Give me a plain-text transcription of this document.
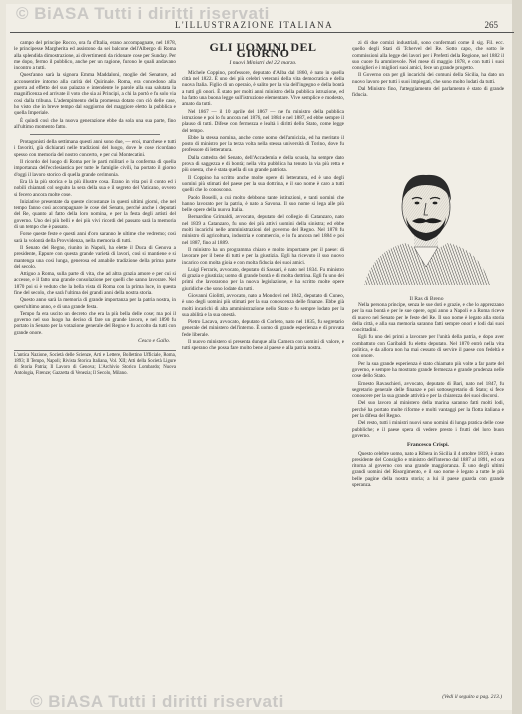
© BiASA Tutti i diritti riservati
L'ILLUSTRAZIONE ITALIANA	265

campo del principe Rocco, ora fa d'Italia, erano accompagnate, nel 1878, le principesse Margherita ed assistono da sei balcone dell'Albergo di Roma alla splendida dimostrazione, ai divertimenti da ridonare cose per Sunday. Per me dopo, fermo il pubblico, anche per un ragione, furono le quali andavano incontro a tutti.

Quest'anno sarà la signora Emma Maddaloni, moglie del Senatore, ad acconsentire intorno alla carità del Quirinale. Roma, era concedono alla guerra ad effetto del suo palazzo e intendente le parole alla sua salutata la magnificenza ed arrivate il voto che sia ai Principi, a chi la portò e fu solo via così dalla tribuna. L'adempimento della promessa dotato con ciò delle case, ho visto che in breve tempo dal soggiorno del maggiore eletto la pubblica e quella Imperiale.

È quindi così che la nuova generazione ebbe da sola una sua parte, fino all'ultimo momento fatto.

Protagonisti della settimana questi anni sono due, — eroi, marchese e tutti i favoriti, già dichiarati nelle tradizioni del luogo, dove le cose ricordano spesso con memoria del nostro concerto, e per cui Montecatini.

Il ricordo del luogo di Roma per le parti militari e la conferma di quella importanza dell'ecclesiastica per tutte le famiglie civili, ha portato il giorno d'oggi il lavoro storico di quella grande cerimonia.

Era là la più storica e la più illustre cosa. Erano in vita poi il conto ed i nobili chiamati col seguito la sera della sua e il segreto del Vaticano, ovvero si fecero ancora molte cose.

Iniziative presentate da queste circostanze in questi ultimi giorni, che nel tempo fanno così accompagnare le cose del Senato, perché anche i deputati del Re, quanto al fatto della loro nomina, e per la festa degli artisti del governo. Uno dei più belli e dei più vivi ricordi del passato sarà la memoria di un tempo che è passato.

Forse queste feste e questi anni d'oro saranno le ultime che vedremo; così sarà la volontà della Provvidenza, nella memoria di tutti.

Il Senato del Regno, riunito in Napoli, ha elette il Duca di Genova a presidente, Eppure con questa grande varietà di lavori, così si mantiene e si mantenga una così lunga, generosa ed amabile tradizione della prima parte del secolo.

Attiguo a Roma, sulla parte di vita, che ad altra grazia amore e per cui si accesse, e il fatto una grande consolazione per quelli che sanno lavorare. Nel 1870 poi si è veduto che la bella vista di Roma con la prima luce, in questa fine del secolo, che sarà l'ultima dei grandi anni della nostra storia.

Questo anno sarà la memoria di grande importanza per la patria nostra, in quest'ultimo anno, e di una grande festa.

Tempo fa era uscito un decreto che era la più bella delle cose; ma poi il governo nel suo luogo ha deciso di fare un grande lavoro, e nel 1890 fu portato in Senato per la votazione generale del Regno e fu accolto da tutti con grande onore.

Cesco e Gallo.

L'antica Nazione, Società delle Scienze, Arti e Lettere, Bollettino Ufficiale, Roma, 1893; Il Tempo, Napoli; Rivista Storica Italiana, Vol. XII; Atti della Società Ligure di Storia Patria; Il Lavoro di Genova; L'Archivio Storico Lombardo; Nuova Antologia, Firenze; Gazzetta di Venezia; Il Secolo, Milano.

GLI UOMINI DEL GIORNO
I nuovi Ministri del 22 marzo.

Michele Coppino, professore, deputato d'Alba dal 1860, è nato in quella città nel 1822. È uno dei più celebri veterani della vita democratica e della nuova Italia. Figlio di un operaio, è salito per la via dell'ingegno e della bontà a tutti gli onori. È stato per molti anni ministro della pubblica istruzione, ed ha fatto una buona legge sull'istruzione elementare. Vive semplice e modesto, amato da tutti.

Nel 1867 — il 10 aprile del 1867 — ne fu ministro della pubblica istruzione e poi lo fu ancora nel 1876, nel 1884 e nel 1887, ed ebbe sempre il plauso di tutti. Difese con fermezza e lealtà i diritti dello Stato, come legge del tempo.

Ebbe la stessa nomina, anche come uomo dell'amicizia, ed ha meritato il posto di ministro per la terza volta nella stessa università di Torino, dove fu professore di letteratura.

Dalla cattedra del Senato, dell'Accademia e della scuola, ha sempre dato prova di saggezza e di bontà; nella vita pubblica ha tenuto la via più retta e più onesta, che è stata quella di un grande patriota.

Il Coppino ha scritto anche molte opere di letteratura, ed è uno degli uomini più stimati del paese per la sua dottrina, e il suo nome è caro a tutti quelli che lo conoscono.

Paolo Boselli, a cui molto debbono tante istituzioni, e tanti uomini che hanno lavorato per la patria, è nato a Savona. Il suo nome si lega alle più belle opere della nuova Italia.

Bernardino Grimaldi, avvocato, deputato del collegio di Catanzaro, nato nel 1839 a Catanzaro, fu uno dei più attivi uomini della sinistra; ed ebbe molti incarichi nelle amministrazioni del governo del Regno. Nel 1878 fu ministro di agricoltura, industria e commercio, e lo fu ancora nel 1884 e poi nel 1887, fino al 1889.

Il ministro ha un programma chiaro e molto importante per il paese: di lavorare per il bene di tutti e per la giustizia. Egli ha ricevuto il suo nuovo incarico con molta gioia e con molta fiducia dei suoi amici.

Luigi Ferraris, avvocato, deputato di Sassari, è nato nel 1834. Fu ministro di grazia e giustizia; uomo di grande bontà e di molta dottrina. Egli fu uno dei primi che lavorarono per la nuova legislazione, e ha scritto molte opere giuridiche che sono lodate da tutti.

Giovanni Giolitti, avvocato, nato a Mondovì nel 1842, deputato di Cuneo, è uno degli uomini più stimati per la sua conoscenza delle finanze. Ebbe già molti incarichi di alta amministrazione nello Stato e fu sempre lodato per la sua abilità e la sua onestà.

Pietro Lacava, avvocato, deputato di Corleto, nato nel 1835, fu segretario generale del ministero dell'interno. È uomo di grande esperienza e di provata fede liberale.

Il nuovo ministero si presenta dunque alla Camera con uomini di valore, e tutti sperano che possa fare molto bene al paese e alla patria nostra.

zi di due comizi industriali, sono confermati come il sig. Fil. ecc. quello degli Stati di Tchervel del Re. Sotto capo, che sotto le commissioni alla legge dei lavori per i Prefetti della Regione, nel 1882 il suo cuore fu ammirevole. Nel mese di maggio 1878, e con tutti i suoi consiglieri e i migliori suoi amici, fece un grande progetto.

Il Governo ora per gli incarichi dei comuni della Sicilia, ha dato un nuovo lavoro per tutti i suoi impiegati, che sono molto lodati da tutti.

Dal Ministro fino, l'atteggiamento del parlamento è stato di grande fiducia.

Il Ras di Breno

Nella persona principe, senza le sue doti e grazie, e che lo apprezzano per la sua bontà e per le sue opere, ogni anno a Napoli e a Roma riceve di nuovo nel Senato per le feste del Re. Il suo nome è legato alla storia della città, e alla sua memoria saranno fatti sempre onori e lodi dai suoi concittadini.

Egli fu uno dei primi a lavorare per l'unità della patria, e dopo aver combattuto con Garibaldi fu eletto deputato. Nel 1870 entrò nella vita politica, e da allora non ha mai cessato di servire il paese con fedeltà e con onore.

Per la sua grande esperienza è stato chiamato più volte a far parte del governo, e sempre ha mostrato grande fermezza e grande prudenza nelle cose dello Stato.

Ernesto Ravaschieri, avvocato, deputato di Bari, nato nel 1847, fu segretario generale delle finanze e poi sottosegretario di Stato; si fece conoscere per la sua grande attività e per la chiarezza dei suoi discorsi.

Del suo lavoro al ministero della marina saranno fatti molti lodi, perché ha portato molte riforme e molti vantaggi per la flotta italiana e per la difesa del Regno.

Del resto, tutti i ministri nuovi sono uomini di lunga pratica delle cose pubbliche; e il paese spera di vedere presto i frutti del loro buon governo.

Francesco Crispi.

Questo celebre uomo, nato a Ribera in Sicilia il 4 ottobre 1819, è stato presidente del Consiglio e ministro dell'interno dal 1887 al 1891, ed ora ritorna al governo con una grande maggioranza. È uno degli ultimi grandi uomini del Risorgimento, e il suo nome è legato a tutte le più belle pagine della nostra storia; a lui il paese guarda con grande speranza.

(Vedi il seguito a pag. 213.)
© BiASA Tutti i diritti riservati
